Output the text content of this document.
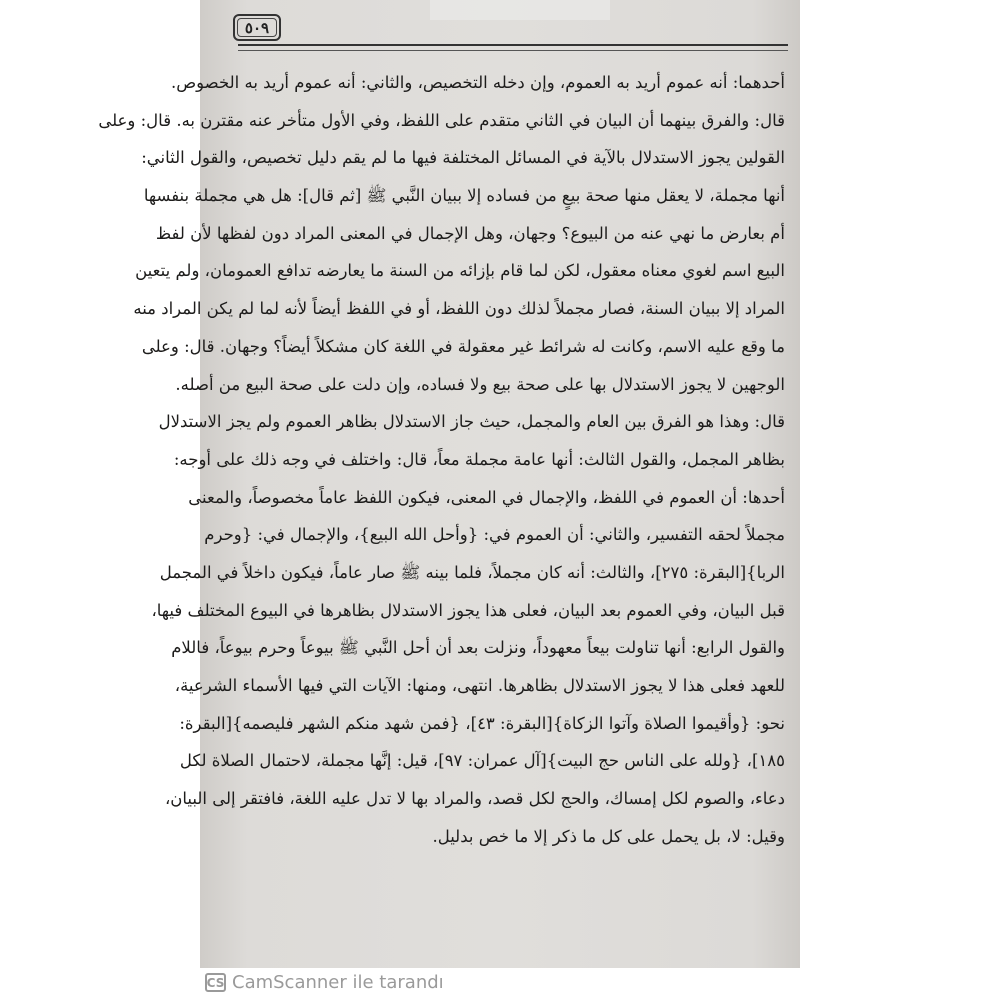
٥٠٩
أحدهما: أنه عموم أريد به العموم، وإن دخله التخصيص، والثاني: أنه عموم أريد به الخصوص.
قال: والفرق بينهما أن البيان في الثاني متقدم على اللفظ، وفي الأول متأخر عنه مقترن به. قال: وعلى
القولين يجوز الاستدلال بالآية في المسائل المختلفة فيها ما لم يقم دليل تخصيص، والقول الثاني:
أنها مجملة، لا يعقل منها صحة بيعٍ من فساده إلا ببيان النَّبي ﷺ [ثم قال]: هل هي مجملة بنفسها
أم بعارض ما نهي عنه من البيوع؟ وجهان، وهل الإجمال في المعنى المراد دون لفظها لأن لفظ
البيع اسم لغوي معناه معقول، لكن لما قام بإزائه من السنة ما يعارضه تدافع العمومان، ولم يتعين
المراد إلا ببيان السنة، فصار مجملاً لذلك دون اللفظ، أو في اللفظ أيضاً لأنه لما لم يكن المراد منه
ما وقع عليه الاسم، وكانت له شرائط غير معقولة في اللغة كان مشكلاً أيضاً؟ وجهان. قال: وعلى
الوجهين لا يجوز الاستدلال بها على صحة بيع ولا فساده، وإن دلت على صحة البيع من أصله.
قال: وهذا هو الفرق بين العام والمجمل، حيث جاز الاستدلال بظاهر العموم ولم يجز الاستدلال
بظاهر المجمل، والقول الثالث: أنها عامة مجملة معاً، قال: واختلف في وجه ذلك على أوجه:
أحدها: أن العموم في اللفظ، والإجمال في المعنى، فيكون اللفظ عاماً مخصوصاً، والمعنى
مجملاً لحقه التفسير، والثاني: أن العموم في: {وأحل الله البيع}، والإجمال في: {وحرم
الربا}[البقرة: ٢٧٥]، والثالث: أنه كان مجملاً، فلما بينه ﷺ صار عاماً، فيكون داخلاً في المجمل
قبل البيان، وفي العموم بعد البيان، فعلى هذا يجوز الاستدلال بظاهرها في البيوع المختلف فيها،
والقول الرابع: أنها تناولت بيعاً معهوداً، ونزلت بعد أن أحل النَّبي ﷺ بيوعاً وحرم بيوعاً، فاللام
للعهد فعلى هذا لا يجوز الاستدلال بظاهرها. انتهى، ومنها: الآيات التي فيها الأسماء الشرعية،
نحو: {وأقيموا الصلاة وآتوا الزكاة}[البقرة: ٤٣]، {فمن شهد منكم الشهر فليصمه}[البقرة:
١٨٥]، {ولله على الناس حج البيت}[آل عمران: ٩٧]، قيل: إنَّها مجملة، لاحتمال الصلاة لكل
دعاء، والصوم لكل إمساك، والحج لكل قصد، والمراد بها لا تدل عليه اللغة، فافتقر إلى البيان،
وقيل: لا، بل يحمل على كل ما ذكر إلا ما خص بدليل.
CS CamScanner ile tarandı
